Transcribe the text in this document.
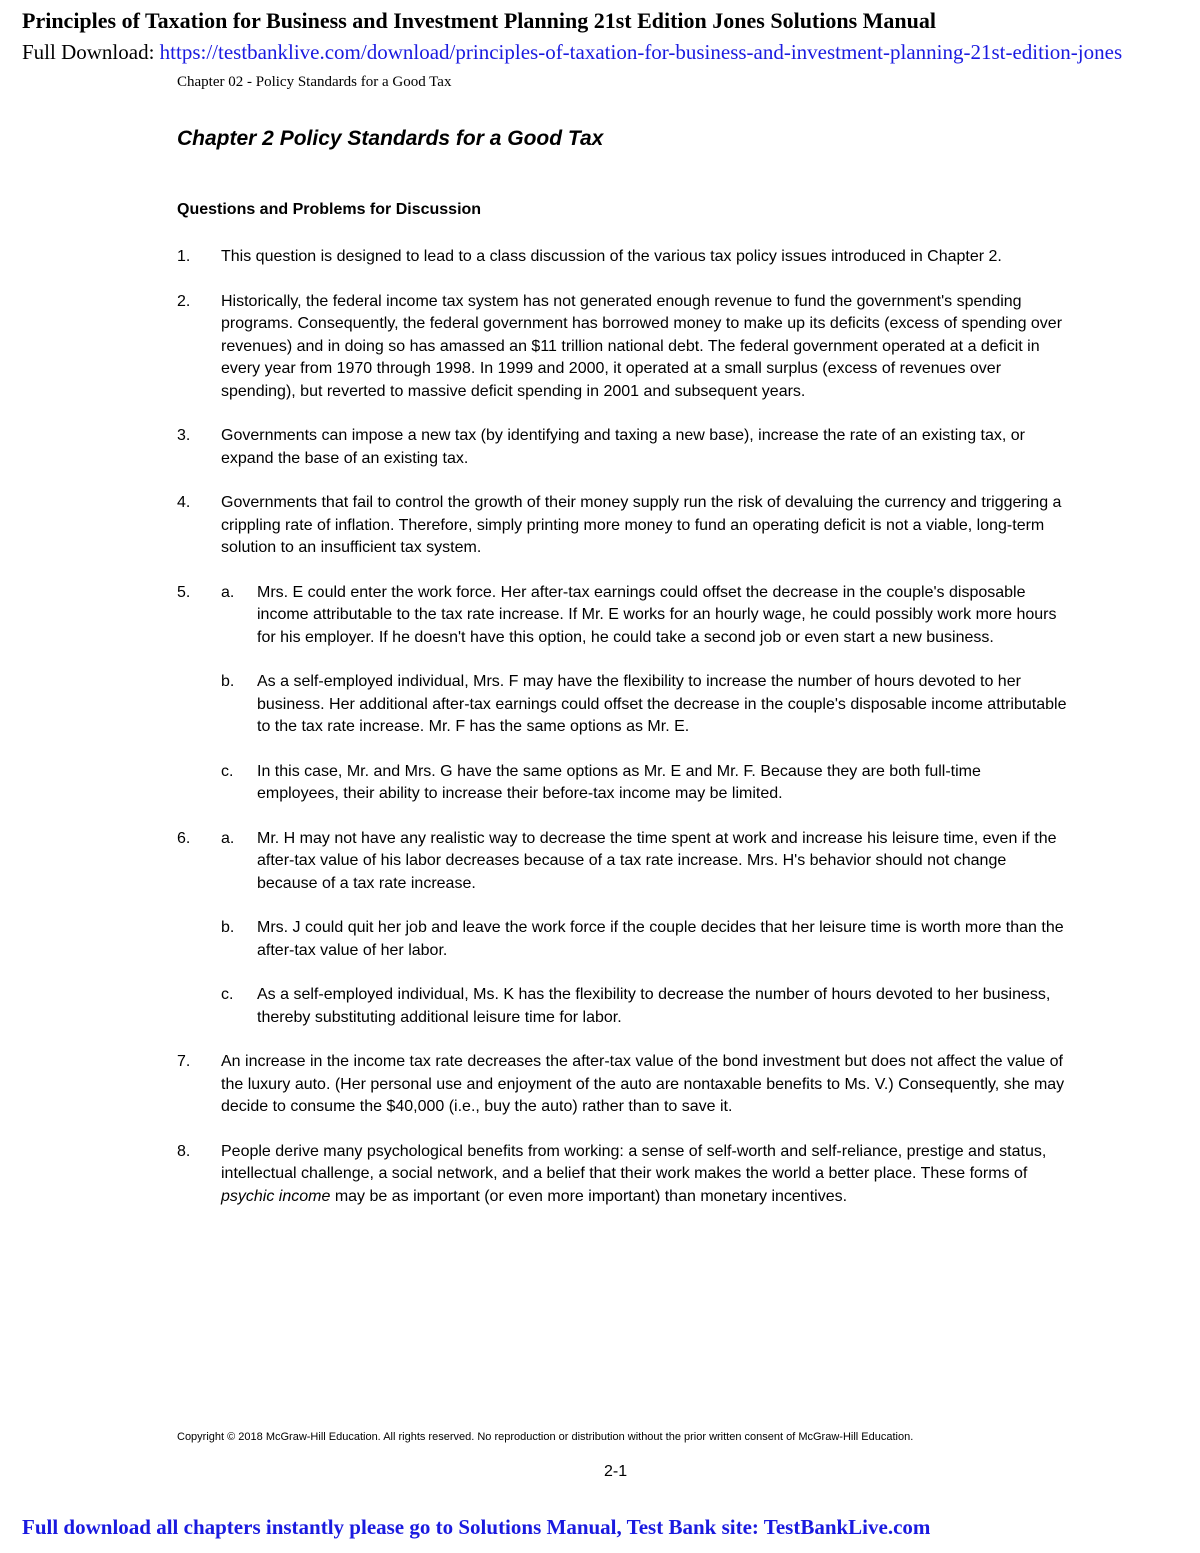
Principles of Taxation for Business and Investment Planning 21st Edition Jones Solutions Manual
Full Download: https://testbanklive.com/download/principles-of-taxation-for-business-and-investment-planning-21st-edition-jones
Chapter 02 - Policy Standards for a Good Tax
Chapter 2 Policy Standards for a Good Tax
Questions and Problems for Discussion
1. This question is designed to lead to a class discussion of the various tax policy issues introduced in Chapter 2.
2. Historically, the federal income tax system has not generated enough revenue to fund the government's spending programs. Consequently, the federal government has borrowed money to make up its deficits (excess of spending over revenues) and in doing so has amassed an $11 trillion national debt. The federal government operated at a deficit in every year from 1970 through 1998. In 1999 and 2000, it operated at a small surplus (excess of revenues over spending), but reverted to massive deficit spending in 2001 and subsequent years.
3. Governments can impose a new tax (by identifying and taxing a new base), increase the rate of an existing tax, or expand the base of an existing tax.
4. Governments that fail to control the growth of their money supply run the risk of devaluing the currency and triggering a crippling rate of inflation. Therefore, simply printing more money to fund an operating deficit is not a viable, long-term solution to an insufficient tax system.
5. a. Mrs. E could enter the work force. Her after-tax earnings could offset the decrease in the couple's disposable income attributable to the tax rate increase. If Mr. E works for an hourly wage, he could possibly work more hours for his employer. If he doesn't have this option, he could take a second job or even start a new business.
b. As a self-employed individual, Mrs. F may have the flexibility to increase the number of hours devoted to her business. Her additional after-tax earnings could offset the decrease in the couple's disposable income attributable to the tax rate increase. Mr. F has the same options as Mr. E.
c. In this case, Mr. and Mrs. G have the same options as Mr. E and Mr. F. Because they are both full-time employees, their ability to increase their before-tax income may be limited.
6. a. Mr. H may not have any realistic way to decrease the time spent at work and increase his leisure time, even if the after-tax value of his labor decreases because of a tax rate increase. Mrs. H's behavior should not change because of a tax rate increase.
b. Mrs. J could quit her job and leave the work force if the couple decides that her leisure time is worth more than the after-tax value of her labor.
c. As a self-employed individual, Ms. K has the flexibility to decrease the number of hours devoted to her business, thereby substituting additional leisure time for labor.
7. An increase in the income tax rate decreases the after-tax value of the bond investment but does not affect the value of the luxury auto. (Her personal use and enjoyment of the auto are nontaxable benefits to Ms. V.) Consequently, she may decide to consume the $40,000 (i.e., buy the auto) rather than to save it.
8. People derive many psychological benefits from working: a sense of self-worth and self-reliance, prestige and status, intellectual challenge, a social network, and a belief that their work makes the world a better place. These forms of psychic income may be as important (or even more important) than monetary incentives.
Copyright © 2018 McGraw-Hill Education. All rights reserved. No reproduction or distribution without the prior written consent of McGraw-Hill Education.
2-1
Full download all chapters instantly please go to Solutions Manual, Test Bank site: TestBankLive.com
